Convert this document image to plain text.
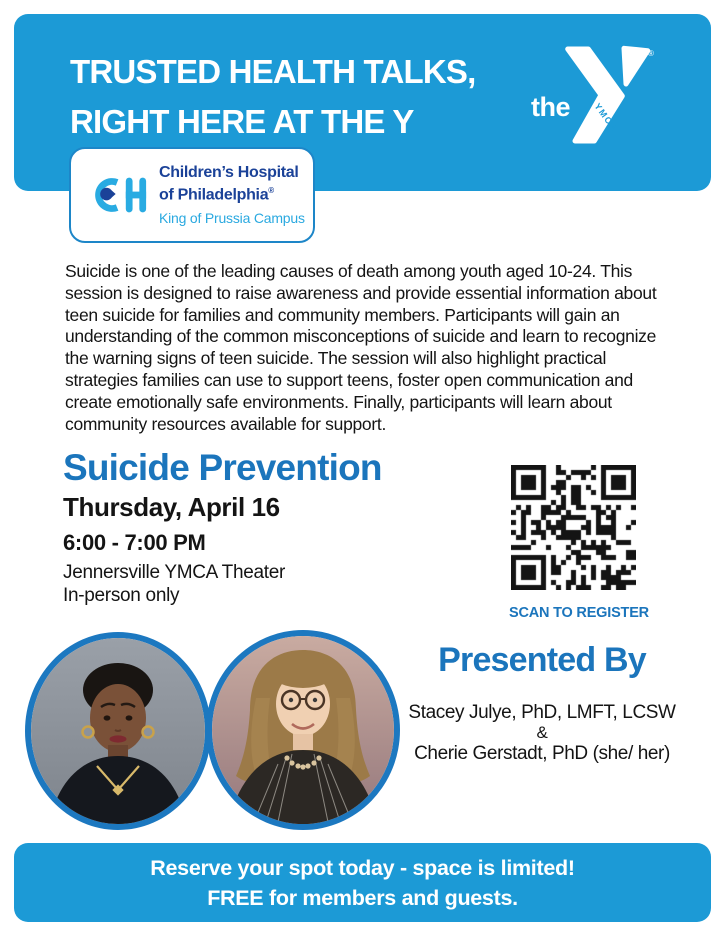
TRUSTED HEALTH TALKS,
RIGHT HERE AT THE Y	the YMCA
®
Children’s Hospital
of Philadelphia®
King of Prussia Campus
Suicide is one of the leading causes of death among youth aged 10-24. This session is designed to raise awareness and provide essential information about teen suicide for families and community members. Participants will gain an understanding of the common misconceptions of suicide and learn to recognize the warning signs of teen suicide. The session will also highlight practical strategies families can use to support teens, foster open communication and create emotionally safe environments. Finally, participants will learn about community resources available for support.
Suicide Prevention
Thursday, April 16
6:00 - 7:00 PM
Jennersville YMCA Theater
In-person only
SCAN TO REGISTER
Presented By
Stacey Julye, PhD, LMFT, LCSW
&
Cherie Gerstadt, PhD (she/ her)
Reserve your spot today - space is limited!
FREE for members and guests.
